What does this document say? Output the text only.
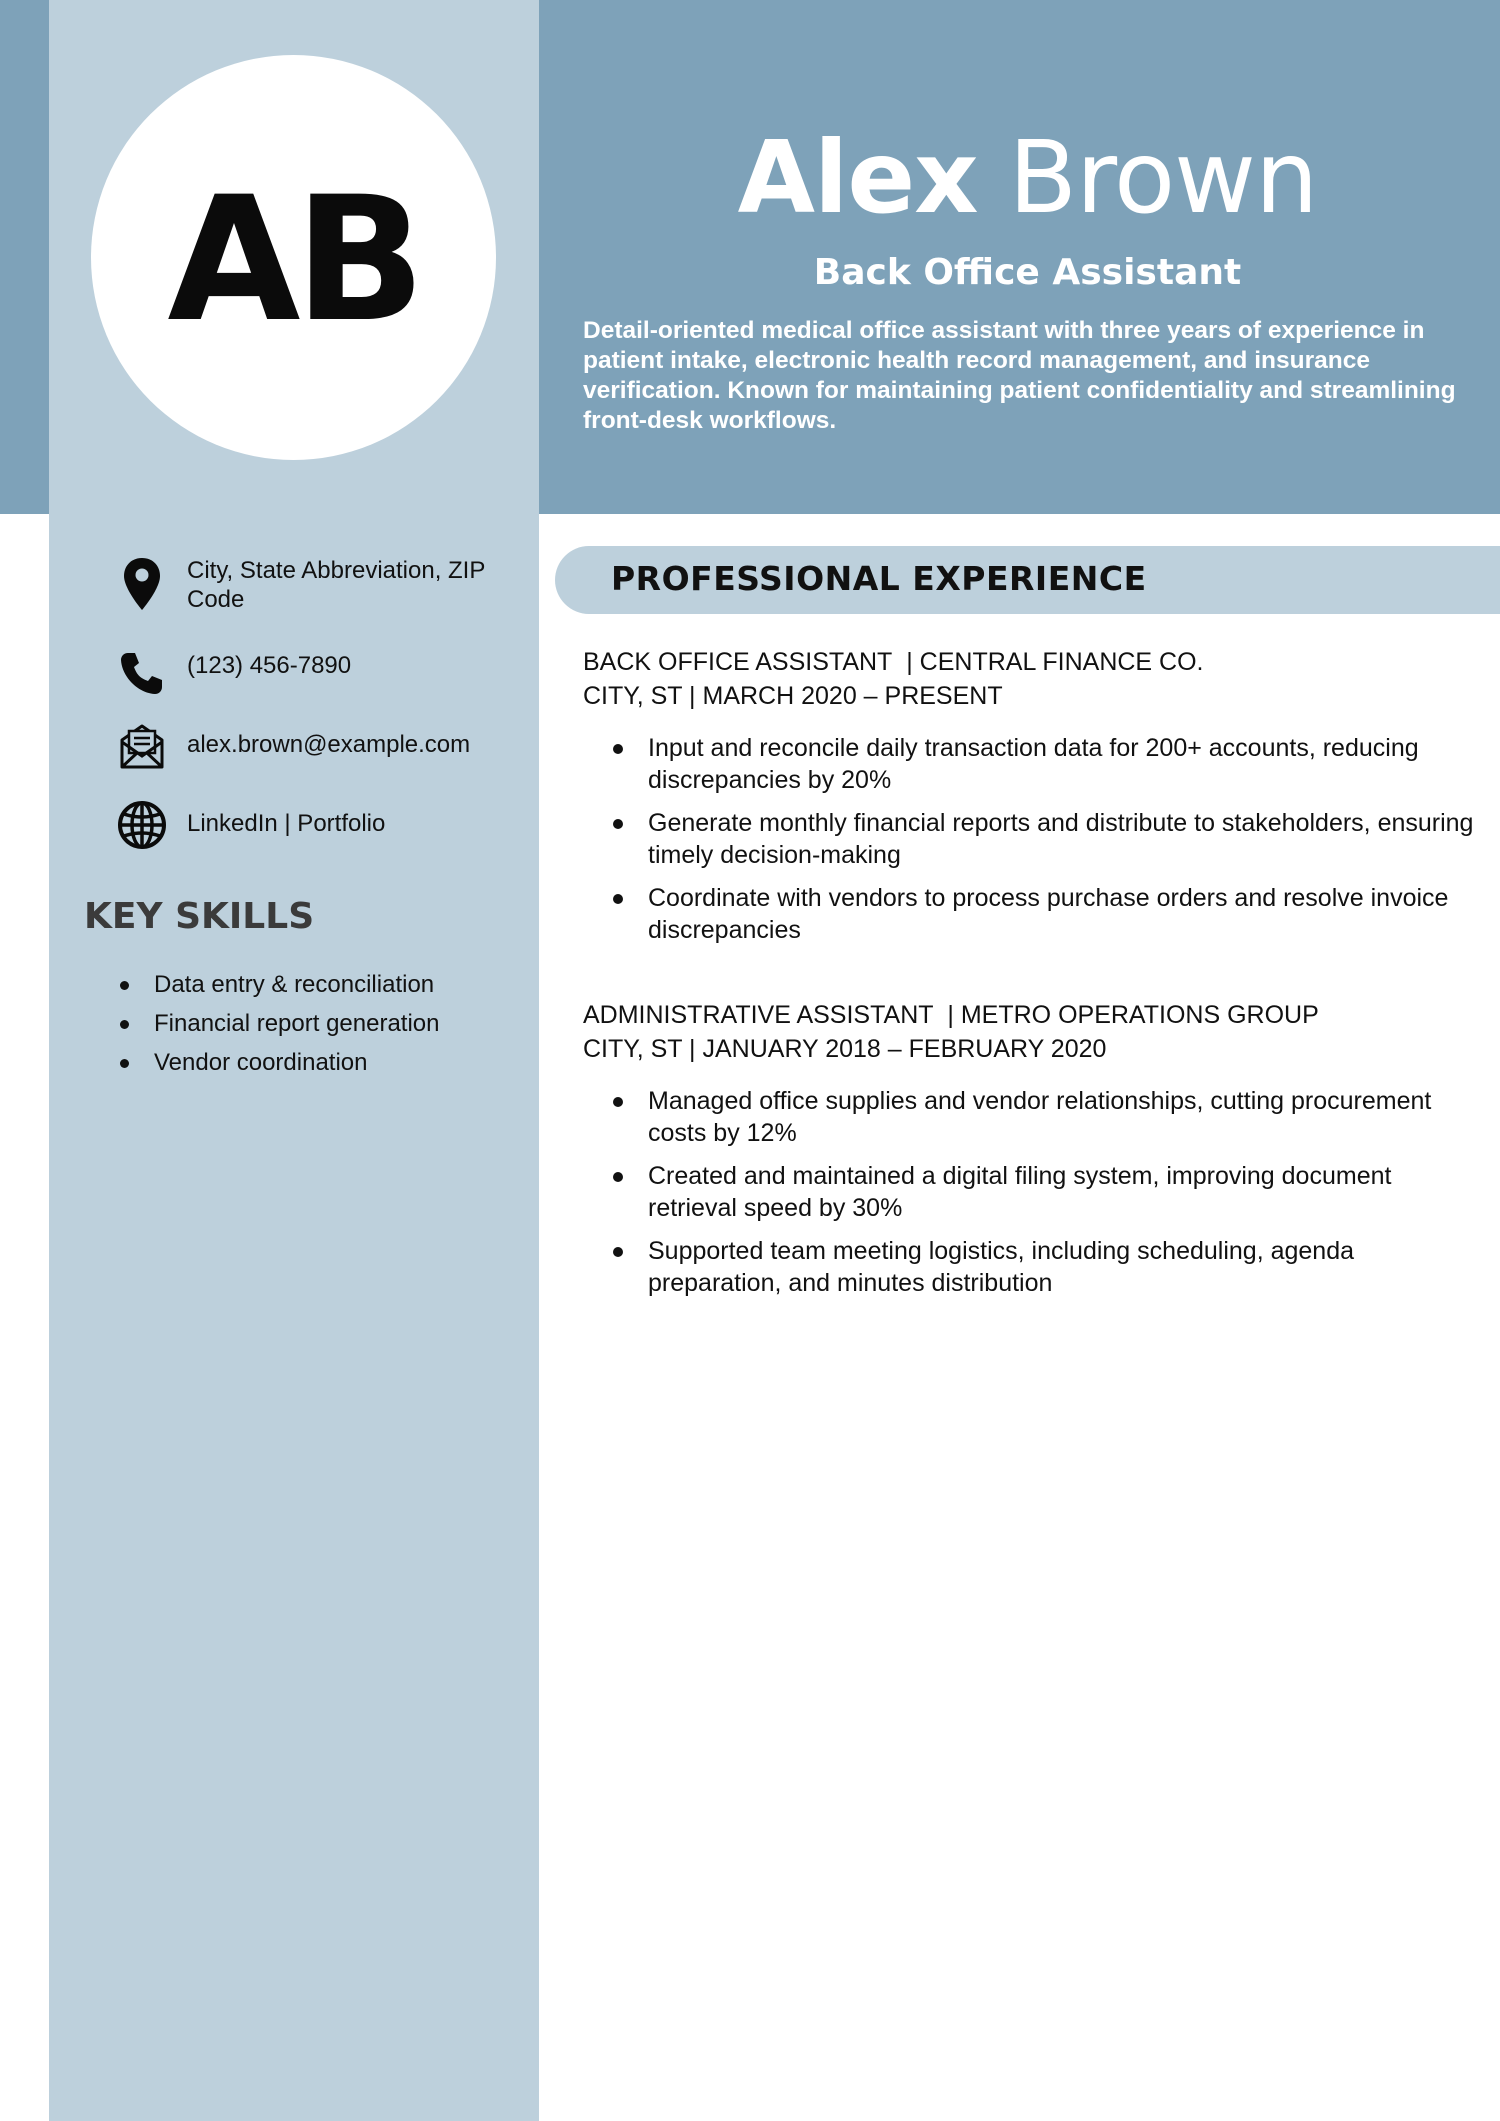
AB	Alex Brown
Back Office Assistant
Detail-oriented medical office assistant with three years of experience in patient intake, electronic health record management, and insurance verification. Known for maintaining patient confidentiality and streamlining front-desk workflows.
City, State Abbreviation, ZIP Code
(123) 456-7890
alex.brown@example.com
LinkedIn | Portfolio
KEY SKILLS
Data entry & reconciliation
Financial report generation
Vendor coordination
PROFESSIONAL EXPERIENCE
BACK OFFICE ASSISTANT  | CENTRAL FINANCE CO.
CITY, ST | MARCH 2020 – PRESENT
Input and reconcile daily transaction data for 200+ accounts, reducing discrepancies by 20%
Generate monthly financial reports and distribute to stakeholders, ensuring timely decision-making
Coordinate with vendors to process purchase orders and resolve invoice discrepancies
ADMINISTRATIVE ASSISTANT  | METRO OPERATIONS GROUP
CITY, ST | JANUARY 2018 – FEBRUARY 2020
Managed office supplies and vendor relationships, cutting procurement costs by 12%
Created and maintained a digital filing system, improving document retrieval speed by 30%
Supported team meeting logistics, including scheduling, agenda preparation, and minutes distribution
